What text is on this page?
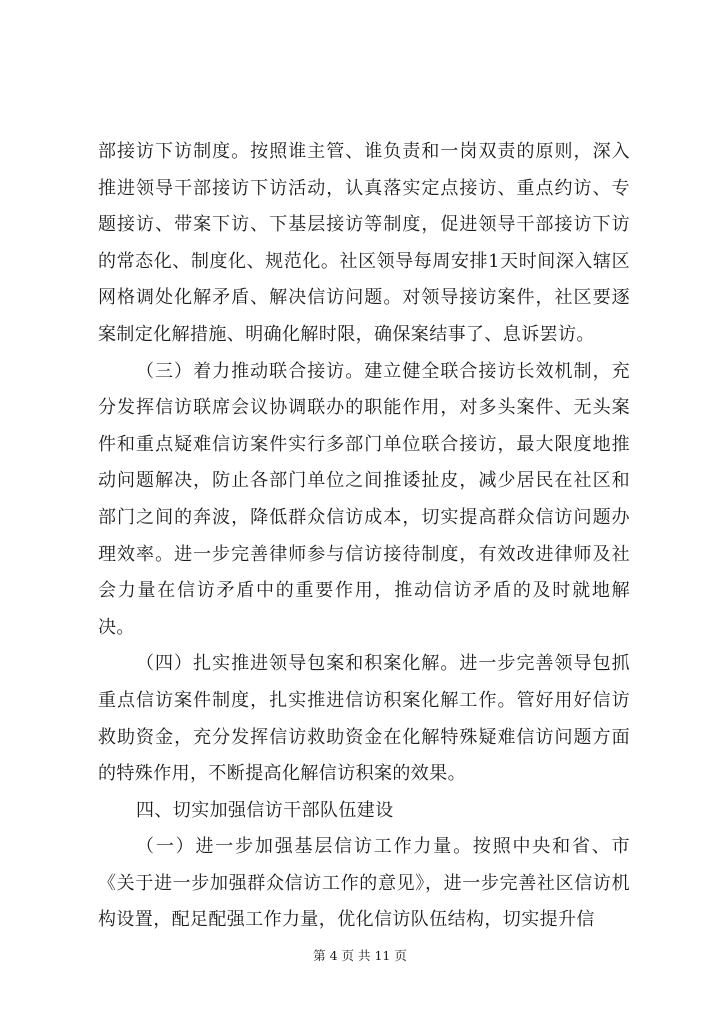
部接访下访制度。按照谁主管、谁负责和一岗双责的原则，深入推进领导干部接访下访活动，认真落实定点接访、重点约访、专题接访、带案下访、下基层接访等制度，促进领导干部接访下访的常态化、制度化、规范化。社区领导每周安排1天时间深入辖区网格调处化解矛盾、解决信访问题。对领导接访案件，社区要逐案制定化解措施、明确化解时限，确保案结事了、息诉罢访。

（三）着力推动联合接访。建立健全联合接访长效机制，充分发挥信访联席会议协调联办的职能作用，对多头案件、无头案件和重点疑难信访案件实行多部门单位联合接访，最大限度地推动问题解决，防止各部门单位之间推诿扯皮，减少居民在社区和部门之间的奔波，降低群众信访成本，切实提高群众信访问题办理效率。进一步完善律师参与信访接待制度，有效改进律师及社会力量在信访矛盾中的重要作用，推动信访矛盾的及时就地解决。

（四）扎实推进领导包案和积案化解。进一步完善领导包抓重点信访案件制度，扎实推进信访积案化解工作。管好用好信访救助资金，充分发挥信访救助资金在化解特殊疑难信访问题方面的特殊作用，不断提高化解信访积案的效果。

四、切实加强信访干部队伍建设

（一）进一步加强基层信访工作力量。按照中央和省、市《关于进一步加强群众信访工作的意见》，进一步完善社区信访机构设置，配足配强工作力量，优化信访队伍结构，切实提升信

第 4 页 共 11 页
